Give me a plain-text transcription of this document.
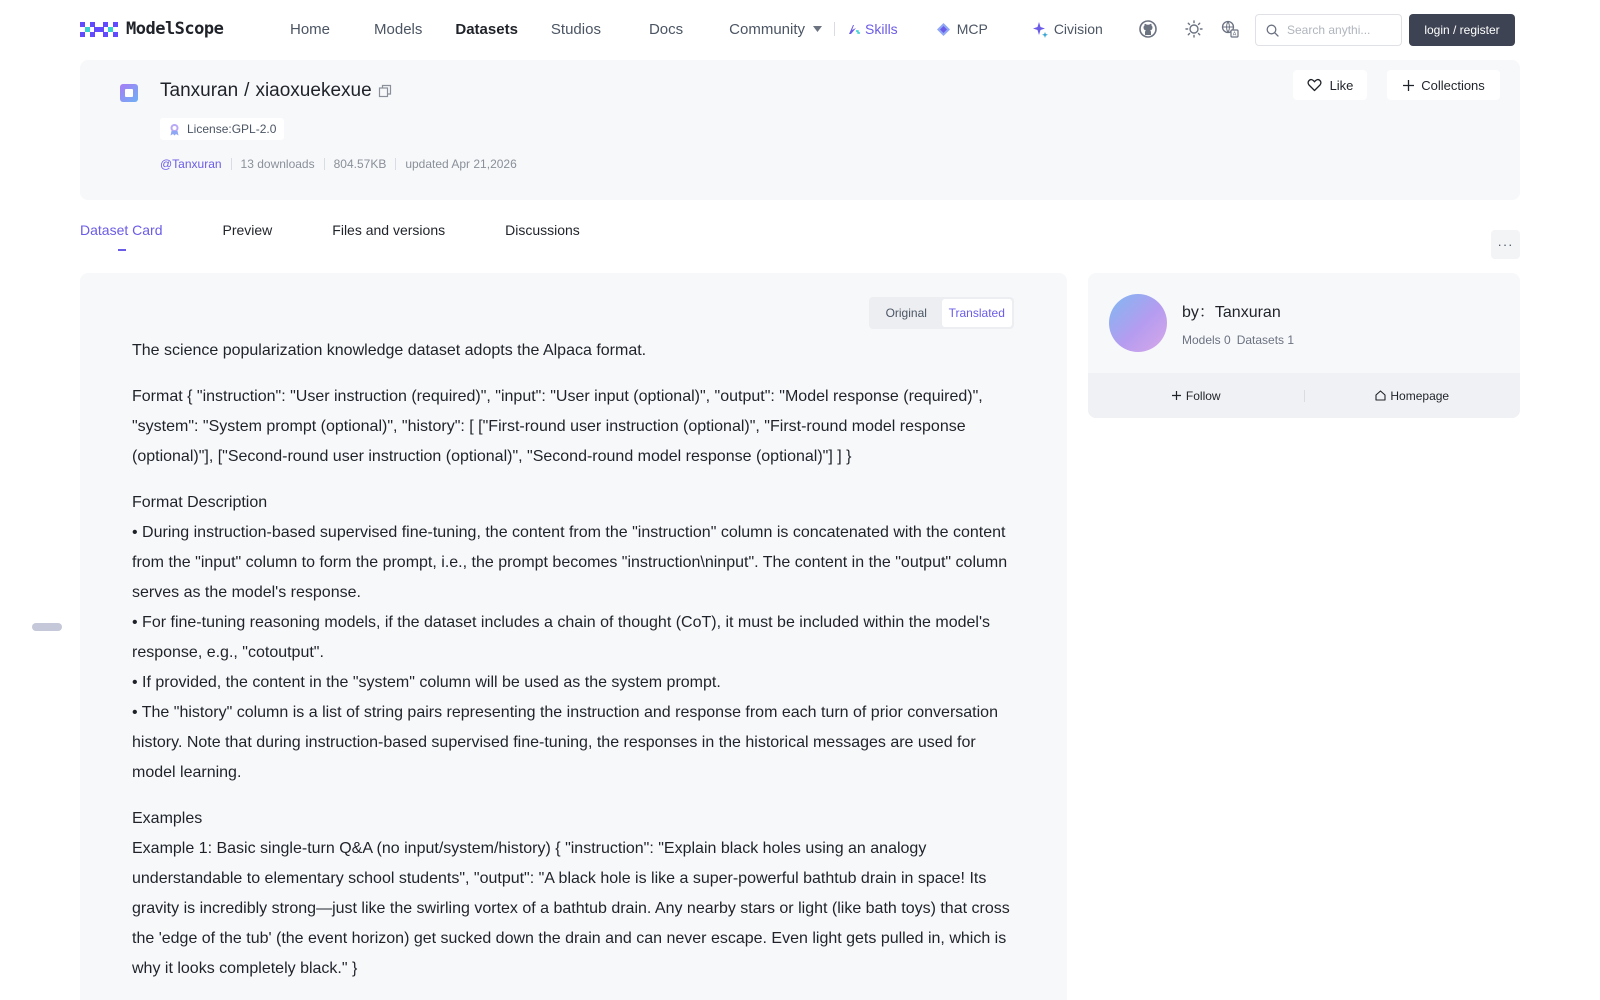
ModelScope	Home	Models Datasets Studios	Docs	Community	Skills	MCP	Civision	A
Search anythi...	login / register
Tanxuran / xiaoxuekexue
License:GPL-2.0
@Tanxuran 13 downloads 804.57KB updated Apr 21,2026
Like	Collections
Dataset Card	Preview	Files and versions	Discussions
···
Original	Translated

The science popularization knowledge dataset adopts the Alpaca format.

Format { "instruction": "User instruction (required)", "input": "User input (optional)", "output": "Model response (required)", "system": "System prompt (optional)", "history": [ ["First-round user instruction (optional)", "First-round model response (optional)"], ["Second-round user instruction (optional)", "Second-round model response (optional)"] ] }

Format Description

• During instruction-based supervised fine-tuning, the content from the "instruction" column is concatenated with the content from the "input" column to form the prompt, i.e., the prompt becomes "instruction\ninput". The content in the "output" column serves as the model's response.

• For fine-tuning reasoning models, if the dataset includes a chain of thought (CoT), it must be included within the model's response, e.g., "cotoutput".

• If provided, the content in the "system" column will be used as the system prompt.

• The "history" column is a list of string pairs representing the instruction and response from each turn of prior conversation history. Note that during instruction-based supervised fine-tuning, the responses in the historical messages are used for model learning.

Examples

Example 1: Basic single-turn Q&A (no input/system/history) { "instruction": "Explain black holes using an analogy understandable to elementary school students", "output": "A black hole is like a super-powerful bathtub drain in space! Its gravity is incredibly strong—just like the swirling vortex of a bathtub drain. Any nearby stars or light (like bath toys) that cross the 'edge of the tub' (the event horizon) get sucked down the drain and can never escape. Even light gets pulled in, which is why it looks completely black." }

by：Tanxuran
Models 0 Datasets 1
Follow	Homepage
